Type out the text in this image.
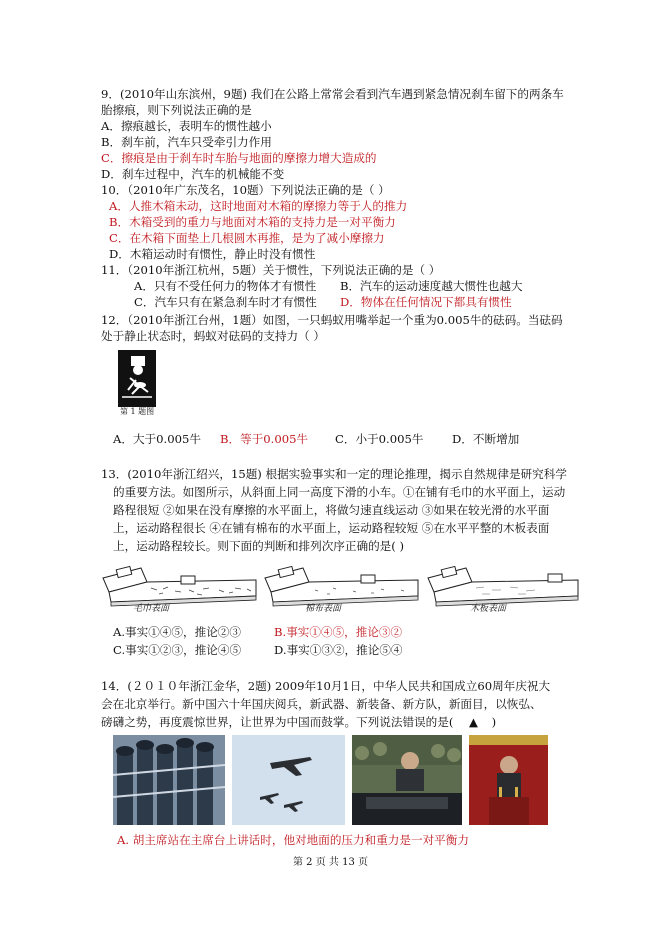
9．(2010年山东滨州，9题) 我们在公路上常常会看到汽车遇到紧急情况刹车留下的两条车
胎擦痕，则下列说法正确的是
A．擦痕越长，表明车的惯性越小
B．刹车前，汽车只受牵引力作用
C．擦痕是由于刹车时车胎与地面的摩擦力增大造成的
D．刹车过程中，汽车的机械能不变
10．（2010年广东茂名，10题）下列说法正确的是（ ）
A．人推木箱未动，这时地面对木箱的摩擦力等于人的推力
B．木箱受到的重力与地面对木箱的支持力是一对平衡力
C．在木箱下面垫上几根圆木再推，是为了减小摩擦力
D．木箱运动时有惯性，静止时没有惯性
11．（2010年浙江杭州，5题）关于惯性，下列说法正确的是（ ）
A．只有不受任何力的物体才有惯性 B．汽车的运动速度越大惯性也越大
C．汽车只有在紧急刹车时才有惯性 D．物体在任何情况下都具有惯性
12．（2010年浙江台州，1题）如图，一只蚂蚁用嘴举起一个重为0.005牛的砝码。当砝码
处于静止状态时，蚂蚁对砝码的支持力（ ）
第 1 题图
A．大于0.005牛 B．等于0.005牛 C．小于0.005牛 D．不断增加
13．(2010年浙江绍兴，15题) 根据实验事实和一定的理论推理，揭示自然规律是研究科学
的重要方法。如图所示，从斜面上同一高度下滑的小车。①在铺有毛巾的水平面上，运动
路程很短 ②如果在没有摩擦的水平面上，将做匀速直线运动 ③如果在较光滑的水平面
上，运动路程很长 ④在铺有棉布的水平面上，运动路程较短 ⑤在水平平整的木板表面
上，运动路程较长。则下面的判断和排列次序正确的是( )
毛巾表面	棉布表面	木板表面
A.事实①④⑤，推论②③	B.事实①④⑤，推论③②
C.事实①②③，推论④⑤	D.事实①③②，推论⑤④
14．(２０１０年浙江金华，2题) 2009年10月1日，中华人民共和国成立60周年庆祝大
会在北京举行。新中国六十年国庆阅兵，新武器、新装备、新方队，新面目，以恢弘、
磅礴之势，再度震惊世界，让世界为中国而鼓掌。下列说法错误的是( ▲ )
A. 胡主席站在主席台上讲话时，他对地面的压力和重力是一对平衡力
第 2 页 共 13 页
